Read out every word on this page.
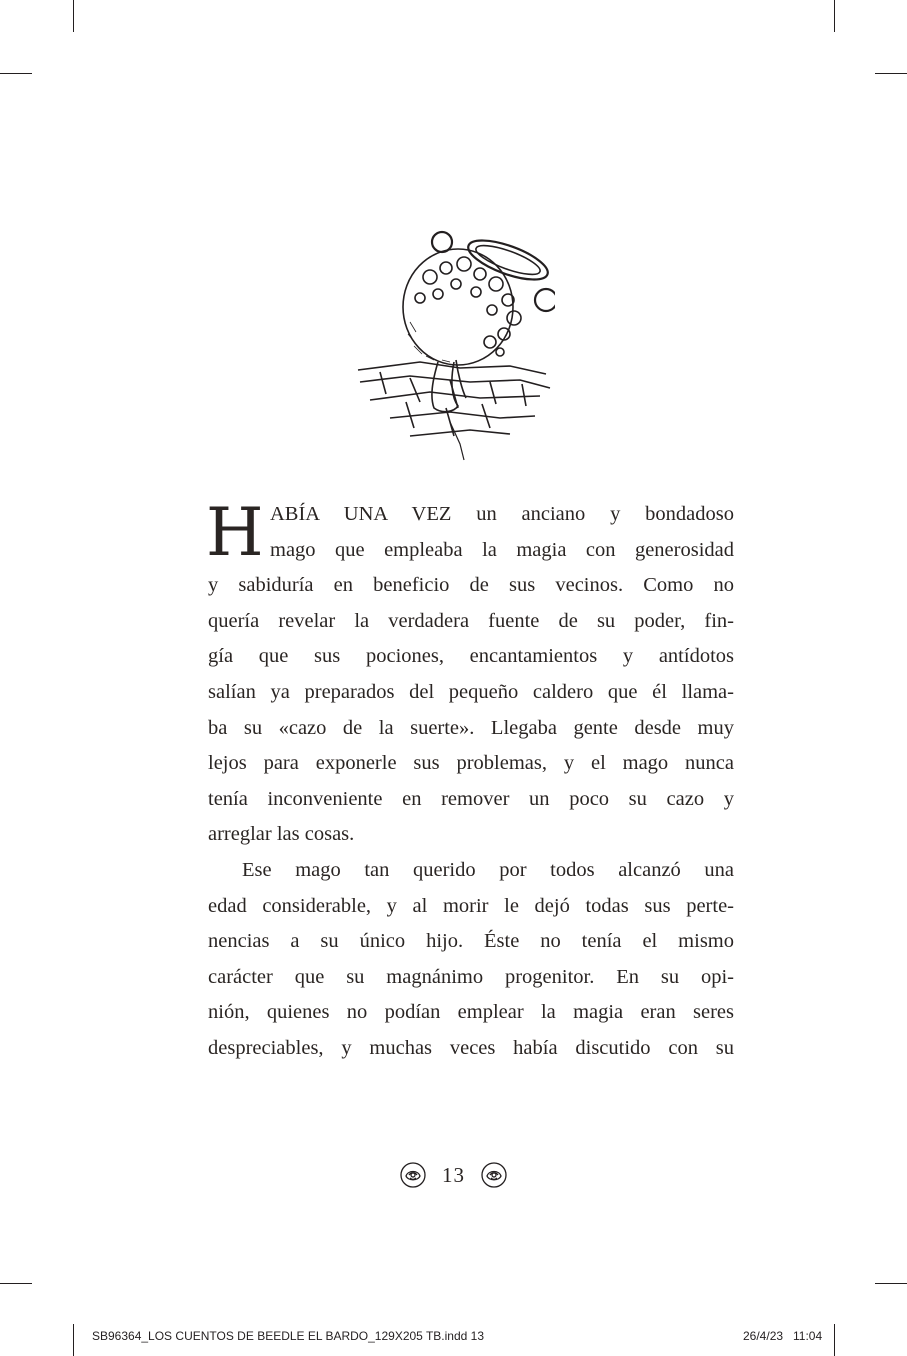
H ABÍA UNA VEZ un anciano y bondadoso
mago que empleaba la magia con generosidad
y sabiduría en beneficio de sus vecinos. Como no
quería revelar la verdadera fuente de su poder, fin-
gía que sus pociones, encantamientos y antídotos
salían ya preparados del pequeño caldero que él llama-
ba su «cazo de la suerte». Llegaba gente desde muy
lejos para exponerle sus problemas, y el mago nunca
tenía inconveniente en remover un poco su cazo y
arreglar las cosas.
Ese mago tan querido por todos alcanzó una
edad considerable, y al morir le dejó todas sus perte-
nencias a su único hijo. Éste no tenía el mismo
carácter que su magnánimo progenitor. En su opi-
nión, quienes no podían emplear la magia eran seres
despreciables, y muchas veces había discutido con su
13
SB96364_LOS CUENTOS DE BEEDLE EL BARDO_129X205 TB.indd 13	26/4/23 11:04
